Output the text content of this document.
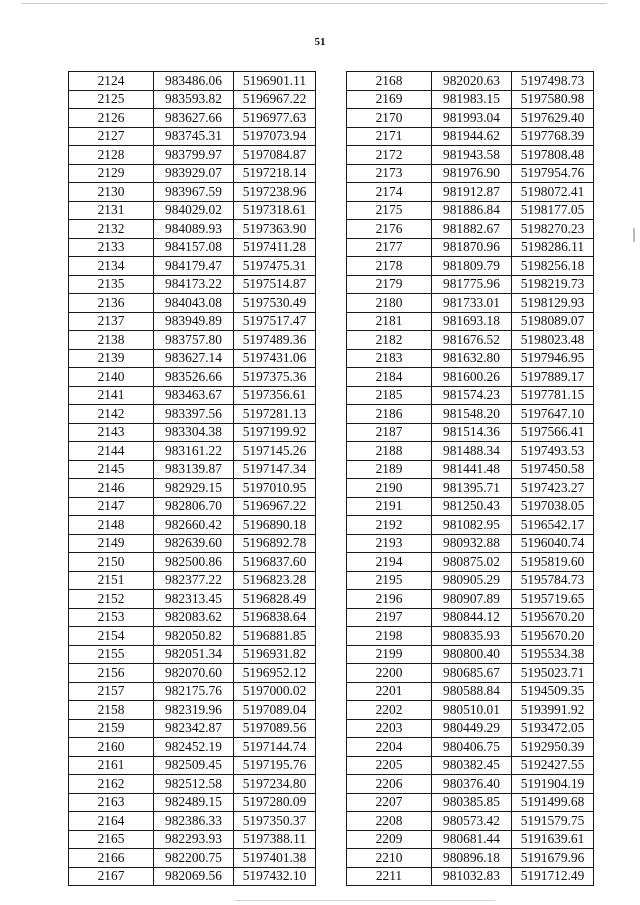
51
2124	983486.06	5196901.11
2125	983593.82	5196967.22
2126	983627.66	5196977.63
2127	983745.31	5197073.94
2128	983799.97	5197084.87
2129	983929.07	5197218.14
2130	983967.59	5197238.96
2131	984029.02	5197318.61
2132	984089.93	5197363.90
2133	984157.08	5197411.28
2134	984179.47	5197475.31
2135	984173.22	5197514.87
2136	984043.08	5197530.49
2137	983949.89	5197517.47
2138	983757.80	5197489.36
2139	983627.14	5197431.06
2140	983526.66	5197375.36
2141	983463.67	5197356.61
2142	983397.56	5197281.13
2143	983304.38	5197199.92
2144	983161.22	5197145.26
2145	983139.87	5197147.34
2146	982929.15	5197010.95
2147	982806.70	5196967.22
2148	982660.42	5196890.18
2149	982639.60	5196892.78
2150	982500.86	5196837.60
2151	982377.22	5196823.28
2152	982313.45	5196828.49
2153	982083.62	5196838.64
2154	982050.82	5196881.85
2155	982051.34	5196931.82
2156	982070.60	5196952.12
2157	982175.76	5197000.02
2158	982319.96	5197089.04
2159	982342.87	5197089.56
2160	982452.19	5197144.74
2161	982509.45	5197195.76
2162	982512.58	5197234.80
2163	982489.15	5197280.09
2164	982386.33	5197350.37
2165	982293.93	5197388.11
2166	982200.75	5197401.38
2167	982069.56	5197432.10
2168	982020.63	5197498.73
2169	981983.15	5197580.98
2170	981993.04	5197629.40
2171	981944.62	5197768.39
2172	981943.58	5197808.48
2173	981976.90	5197954.76
2174	981912.87	5198072.41
2175	981886.84	5198177.05
2176	981882.67	5198270.23
2177	981870.96	5198286.11
2178	981809.79	5198256.18
2179	981775.96	5198219.73
2180	981733.01	5198129.93
2181	981693.18	5198089.07
2182	981676.52	5198023.48
2183	981632.80	5197946.95
2184	981600.26	5197889.17
2185	981574.23	5197781.15
2186	981548.20	5197647.10
2187	981514.36	5197566.41
2188	981488.34	5197493.53
2189	981441.48	5197450.58
2190	981395.71	5197423.27
2191	981250.43	5197038.05
2192	981082.95	5196542.17
2193	980932.88	5196040.74
2194	980875.02	5195819.60
2195	980905.29	5195784.73
2196	980907.89	5195719.65
2197	980844.12	5195670.20
2198	980835.93	5195670.20
2199	980800.40	5195534.38
2200	980685.67	5195023.71
2201	980588.84	5194509.35
2202	980510.01	5193991.92
2203	980449.29	5193472.05
2204	980406.75	5192950.39
2205	980382.45	5192427.55
2206	980376.40	5191904.19
2207	980385.85	5191499.68
2208	980573.42	5191579.75
2209	980681.44	5191639.61
2210	980896.18	5191679.96
2211	981032.83	5191712.49
